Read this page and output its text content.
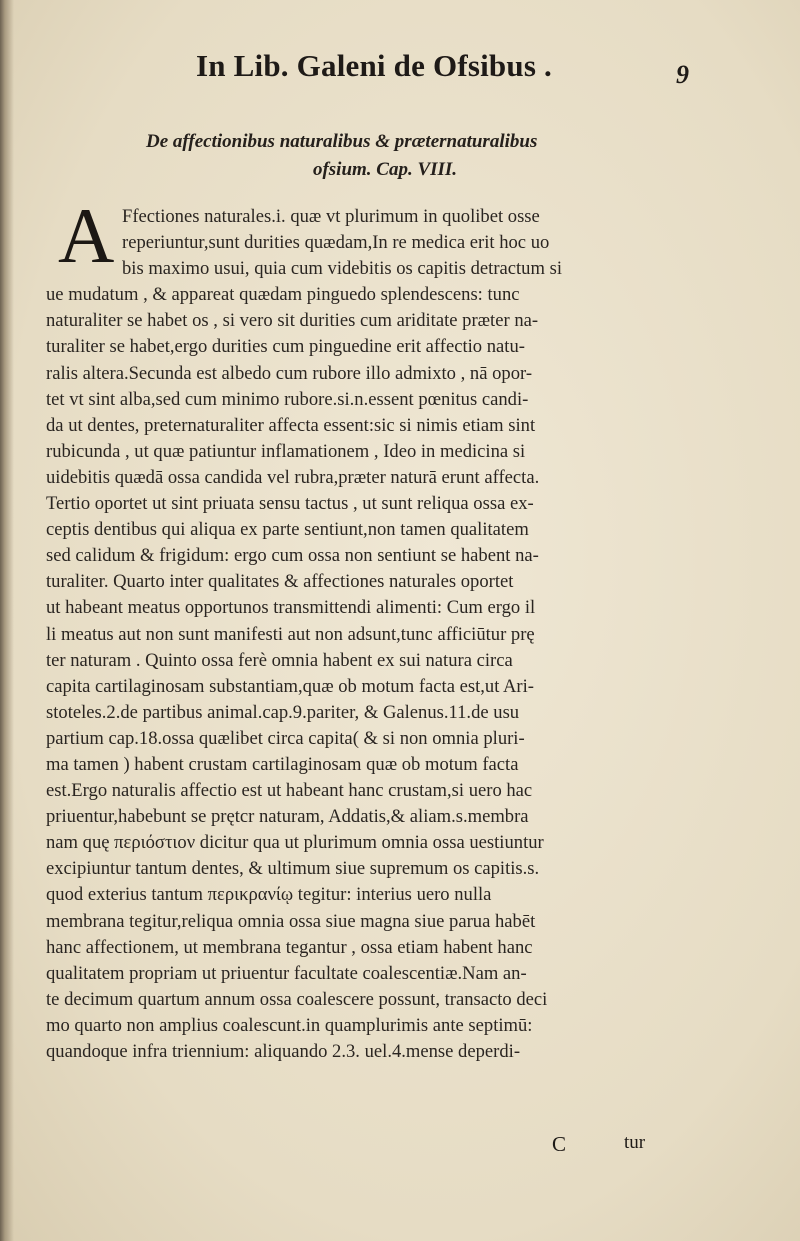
In Lib. Galeni de Ofsibus .	9
De affectionibus naturalibus & præternaturalibus
ofsium. Cap. VIII.
A Ffectiones naturales.i. quæ vt plurimum in quolibet osse
reperiuntur,sunt durities quædam,In re medica erit hoc uo
bis maximo usui, quia cum videbitis os capitis detractum si
ue mudatum , & appareat quædam pinguedo splendescens: tunc
naturaliter se habet os , si vero sit durities cum ariditate præter na-
turaliter se habet,ergo durities cum pinguedine erit affectio natu-
ralis altera.Secunda est albedo cum rubore illo admixto , nā opor-
tet vt sint alba,sed cum minimo rubore.si.n.essent pœnitus candi-
da ut dentes, preternaturaliter affecta essent:sic si nimis etiam sint
rubicunda , ut quæ patiuntur inflamationem , Ideo in medicina si
uidebitis quædā ossa candida vel rubra,præter naturā erunt affecta.
Tertio oportet ut sint priuata sensu tactus , ut sunt reliqua ossa ex-
ceptis dentibus qui aliqua ex parte sentiunt,non tamen qualitatem
sed calidum & frigidum: ergo cum ossa non sentiunt se habent na-
turaliter. Quarto inter qualitates & affectiones naturales oportet
ut habeant meatus opportunos transmittendi alimenti: Cum ergo il
li meatus aut non sunt manifesti aut non adsunt,tunc afficiūtur prę
ter naturam . Quinto ossa ferè omnia habent ex sui natura circa
capita cartilaginosam substantiam,quæ ob motum facta est,ut Ari-
stoteles.2.de partibus animal.cap.9.pariter, & Galenus.11.de usu
partium cap.18.ossa quælibet circa capita( & si non omnia pluri-
ma tamen ) habent crustam cartilaginosam quæ ob motum facta
est.Ergo naturalis affectio est ut habeant hanc crustam,si uero hac
priuentur,habebunt se prętcr naturam, Addatis,& aliam.s.membra
nam quę περιόστιον dicitur qua ut plurimum omnia ossa uestiuntur
excipiuntur tantum dentes, & ultimum siue supremum os capitis.s.
quod exterius tantum περικρανίῳ tegitur: interius uero nulla
membrana tegitur,reliqua omnia ossa siue magna siue parua habēt
hanc affectionem, ut membrana tegantur , ossa etiam habent hanc
qualitatem propriam ut priuentur facultate coalescentiæ.Nam an-
te decimum quartum annum ossa coalescere possunt, transacto deci
mo quarto non amplius coalescunt.in quamplurimis ante septimū:
quandoque infra triennium: aliquando 2.3. uel.4.mense deperdi-
C	tur
